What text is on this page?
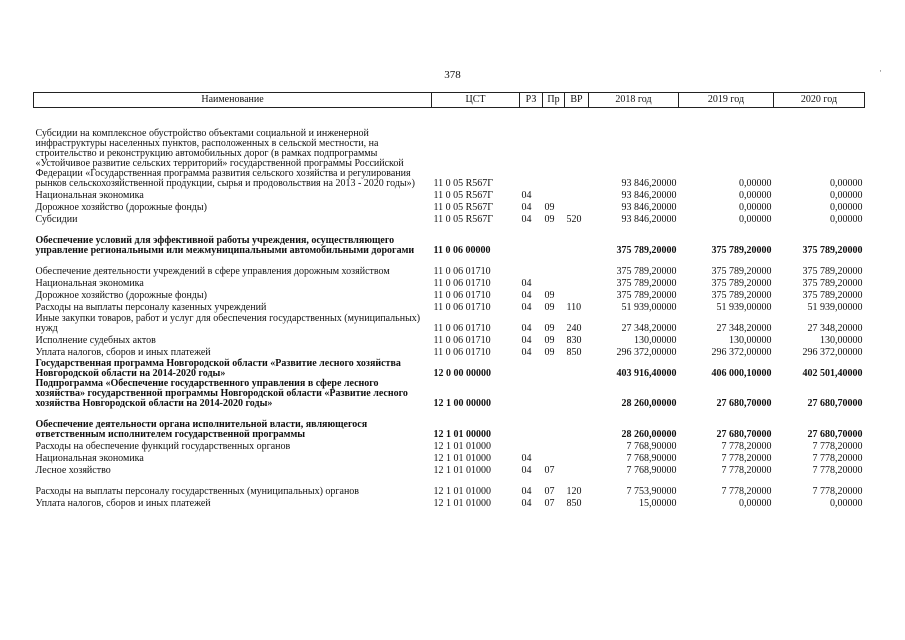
378
Наименование	ЦСТ	РЗ	Пр	ВР	2018 год	2019 год	2020 год
Субсидии на комплексное обустройство объектами социальной и инженерной инфраструктуры населенных пунктов, расположенных в сельской местности, на строительство и реконструкцию автомобильных дорог (в рамках подпрограммы «Устойчивое развитие сельских территорий» государственной программы Российской Федерации «Государственная программа развития сельского хозяйства и регулирования рынков сельскохозяйственной продукции, сырья и продовольствия на 2013 - 2020 годы»)	11 0 05 R567Г				93 846,20000	0,00000	0,00000
Национальная экономика	11 0 05 R567Г	04			93 846,20000	0,00000	0,00000
Дорожное хозяйство (дорожные фонды)	11 0 05 R567Г	04	09		93 846,20000	0,00000	0,00000
Субсидии	11 0 05 R567Г	04	09	520	93 846,20000	0,00000	0,00000
Обеспечение условий для эффективной работы учреждения, осуществляющего управление региональными или межмуниципальными автомобильными дорогами	11 0 06 00000				375 789,20000	375 789,20000	375 789,20000
Обеспечение деятельности учреждений в сфере управления дорожным хозяйством	11 0 06 01710				375 789,20000	375 789,20000	375 789,20000
Национальная экономика	11 0 06 01710	04			375 789,20000	375 789,20000	375 789,20000
Дорожное хозяйство (дорожные фонды)	11 0 06 01710	04	09		375 789,20000	375 789,20000	375 789,20000
Расходы на выплаты персоналу казенных учреждений	11 0 06 01710	04	09	110	51 939,00000	51 939,00000	51 939,00000
Иные закупки товаров, работ и услуг для обеспечения государственных (муниципальных) нужд	11 0 06 01710	04	09	240	27 348,20000	27 348,20000	27 348,20000
Исполнение судебных актов	11 0 06 01710	04	09	830	130,00000	130,00000	130,00000
Уплата налогов, сборов и иных платежей	11 0 06 01710	04	09	850	296 372,00000	296 372,00000	296 372,00000
Государственная программа Новгородской области «Развитие лесного хозяйства Новгородской области на 2014-2020 годы»	12 0 00 00000				403 916,40000	406 000,10000	402 501,40000
Подпрограмма «Обеспечение государственного управления в сфере лесного хозяйства» государственной программы Новгородской области «Развитие лесного хозяйства Новгородской области на 2014-2020 годы»	12 1 00 00000				28 260,00000	27 680,70000	27 680,70000
Обеспечение деятельности органа исполнительной власти, являющегося ответственным исполнителем государственной программы	12 1 01 00000				28 260,00000	27 680,70000	27 680,70000
Расходы на обеспечение функций государственных органов	12 1 01 01000				7 768,90000	7 778,20000	7 778,20000
Национальная экономика	12 1 01 01000	04			7 768,90000	7 778,20000	7 778,20000
Лесное хозяйство	12 1 01 01000	04	07		7 768,90000	7 778,20000	7 778,20000
Расходы на выплаты персоналу государственных (муниципальных) органов	12 1 01 01000	04	07	120	7 753,90000	7 778,20000	7 778,20000
Уплата налогов, сборов и иных платежей	12 1 01 01000	04	07	850	15,00000	0,00000	0,00000
·
